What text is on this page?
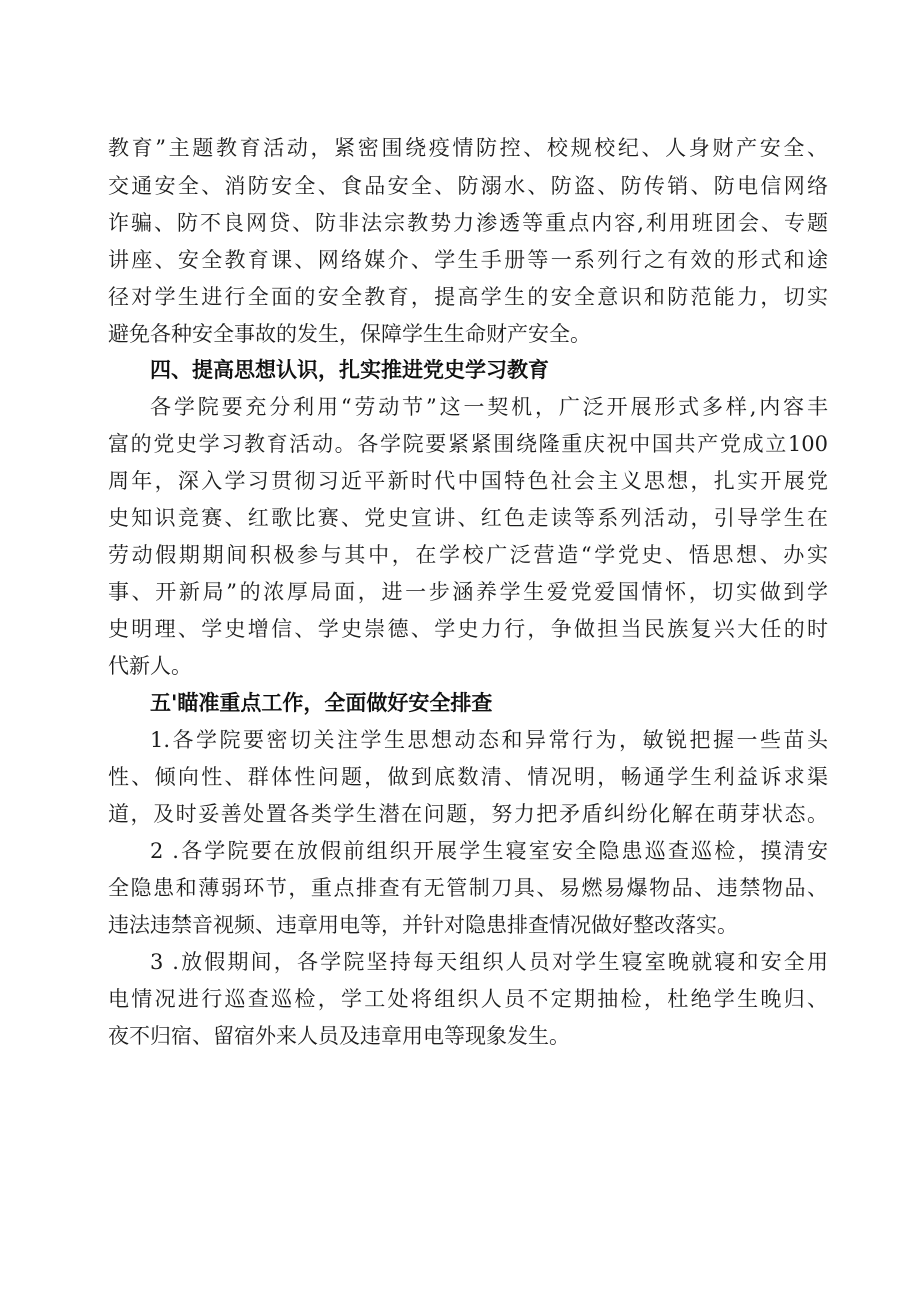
教育”主题教育活动，紧密围绕疫情防控、校规校纪、人身财产安全、
交通安全、消防安全、食品安全、防溺水、防盗、防传销、防电信网络
诈骗、防不良网贷、防非法宗教势力渗透等重点内容,利用班团会、专题
讲座、安全教育课、网络媒介、学生手册等一系列行之有效的形式和途
径对学生进行全面的安全教育，提高学生的安全意识和防范能力，切实
避免各种安全事故的发生，保障学生生命财产安全。
四、提高思想认识，扎实推进党史学习教育
各学院要充分利用“劳动节”这一契机，广泛开展形式多样,内容丰
富的党史学习教育活动。各学院要紧紧围绕隆重庆祝中国共产党成立100
周年，深入学习贯彻习近平新时代中国特色社会主义思想，扎实开展党
史知识竞赛、红歌比赛、党史宣讲、红色走读等系列活动，引导学生在
劳动假期期间积极参与其中，在学校广泛营造“学党史、悟思想、办实
事、开新局”的浓厚局面，进一步涵养学生爱党爱国情怀，切实做到学
史明理、学史增信、学史崇德、学史力行，争做担当民族复兴大任的时
代新人。
五'瞄准重点工作，全面做好安全排查
1.各学院要密切关注学生思想动态和异常行为，敏锐把握一些苗头
性、倾向性、群体性问题，做到底数清、情况明，畅通学生利益诉求渠
道，及时妥善处置各类学生潜在问题，努力把矛盾纠纷化解在萌芽状态。
2 .各学院要在放假前组织开展学生寝室安全隐患巡查巡检，摸清安
全隐患和薄弱环节，重点排查有无管制刀具、易燃易爆物品、违禁物品、
违法违禁音视频、违章用电等，并针对隐患排查情况做好整改落实。
3 .放假期间，各学院坚持每天组织人员对学生寝室晚就寝和安全用
电情况进行巡查巡检，学工处将组织人员不定期抽检，杜绝学生晚归、
夜不归宿、留宿外来人员及违章用电等现象发生。
